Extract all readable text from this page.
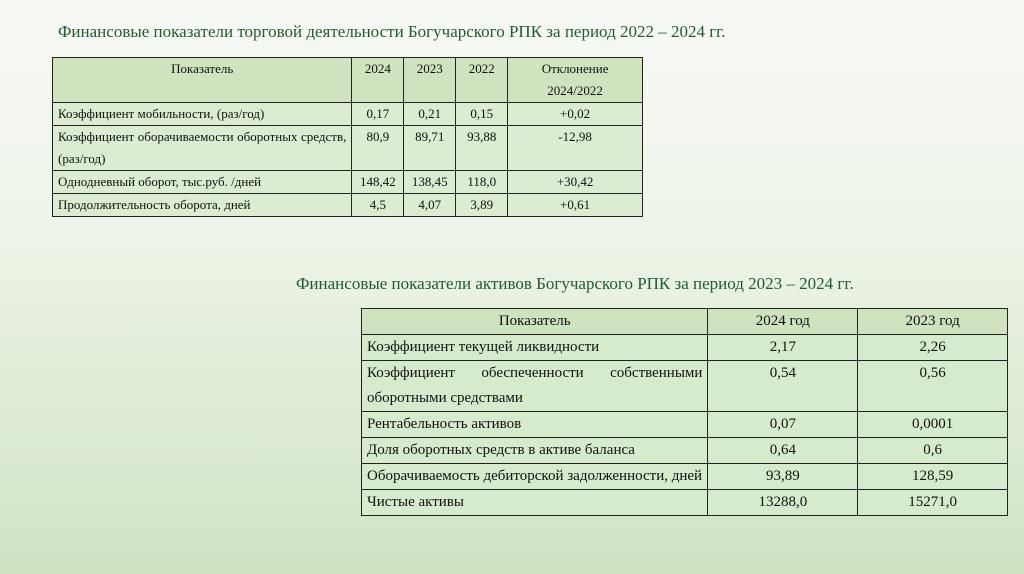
Финансовые показатели торговой деятельности Богучарского РПК за период 2022 – 2024 гг.
Показатель	2024	2023	2022	Отклонение 2024/2022
Коэффициент мобильности, (раз/год)	0,17	0,21	0,15	+0,02
Коэффициент оборачиваемости оборотных средств, (раз/год)	80,9	89,71	93,88	-12,98
Однодневный оборот, тыс.руб. /дней	148,42	138,45	118,0	+30,42
Продолжительность оборота, дней	4,5	4,07	3,89	+0,61
Финансовые показатели активов Богучарского РПК за период 2023 – 2024 гг.
Показатель	2024 год	2023 год
Коэффициент текущей ликвидности	2,17	2,26
Коэффициент обеспеченности собственными оборотными средствами	0,54	0,56
Рентабельность активов	0,07	0,0001
Доля оборотных средств в активе баланса	0,64	0,6
Оборачиваемость дебиторской задолженности, дней	93,89	128,59
Чистые активы	13288,0	15271,0
